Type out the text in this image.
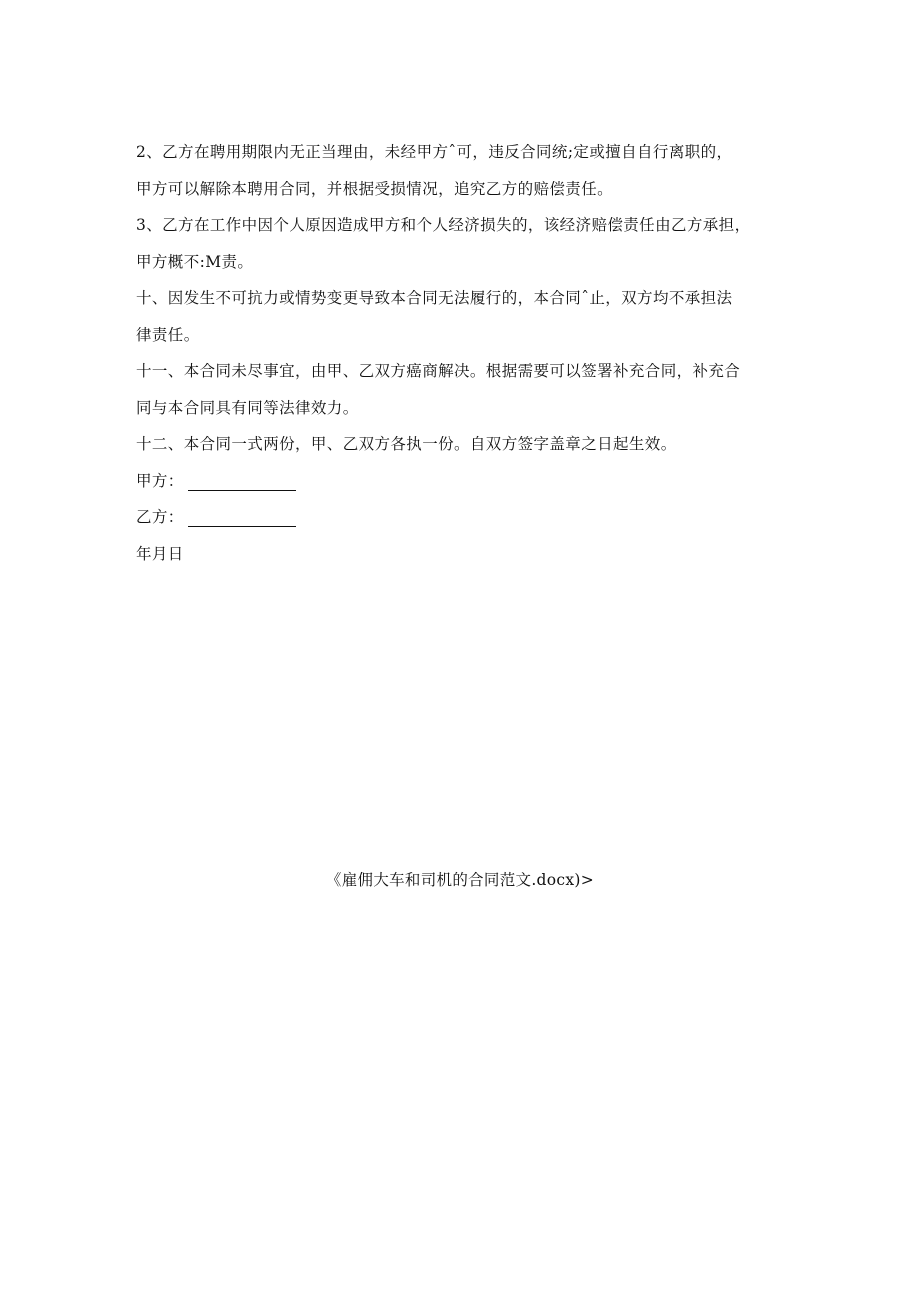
2、乙方在聘用期限内无正当理由，未经甲方ˆ可，违反合同统;定或擅自自行离职的，
甲方可以解除本聘用合同，并根据受损情况，追究乙方的赔偿责任。
3、乙方在工作中因个人原因造成甲方和个人经济损失的，该经济赔偿责任由乙方承担，
甲方概不:M责。
十、因发生不可抗力或情势变更导致本合同无法履行的，本合同ˆ止，双方均不承担法
律责任。
十一、本合同未尽事宜，由甲、乙双方癌商解决。根据需要可以签署补充合同，补充合
同与本合同具有同等法律效力。
十二、本合同一式两份，甲、乙双方各执一份。自双方签字盖章之日起生效。
甲方：
乙方：
年月日
《雇佣大车和司机的合同范文.docx)>
